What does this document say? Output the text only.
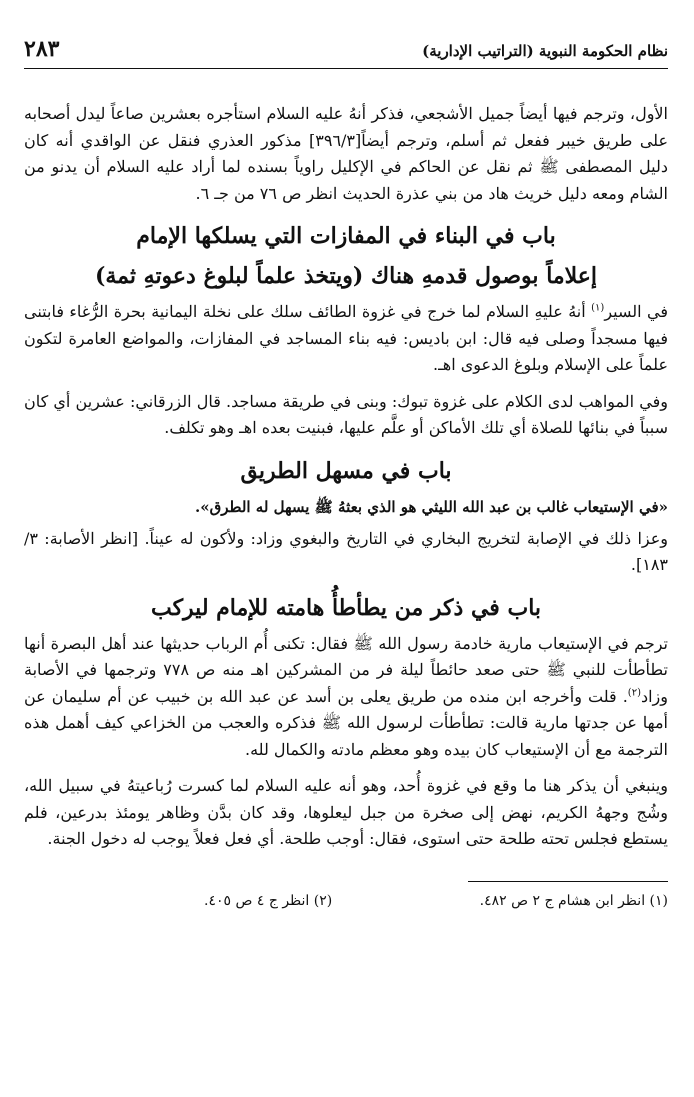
نظام الحكومة النبوية (التراتيب الإدارية)
٢٨٣

الأول، وترجم فيها أيضاً جميل الأشجعي، فذكر أنهُ عليه السلام استأجره بعشرين صاعاً ليدل أصحابه على طريق خيبر ففعل ثم أسلم، وترجم أيضاً[٣٩٦/٣] مذكور العذري فنقل عن الواقدي أنه كان دليل المصطفى ﷺ ثم نقل عن الحاكم في الإكليل راوياً بسنده لما أراد عليه السلام أن يدنو من الشام ومعه دليل خريث هاد من بني عذرة الحديث انظر ص ٧٦ من جـ ٦.

باب في البناء في المفازات التي يسلكها الإمام
إعلاماً بوصول قدمهِ هناك (ويتخذ علماً لبلوغ دعوتهِ ثمة)

في السير$^{(١)}$ أنهُ عليهِ السلام لما خرج في غزوة الطائف سلك على نخلة اليمانية بحرة الرُّغاء فابتنى فيها مسجداً وصلى فيه قال: ابن باديس: فيه بناء المساجد في المفازات، والمواضع العامرة لتكون علماً على الإسلام وبلوغ الدعوى اهـ.

وفي المواهب لدى الكلام على غزوة تبوك: وبنى في طريقة مساجد. قال الزرقاني: عشرين أي كان سبباً في بنائها للصلاة أي تلك الأماكن أو علَّم عليها، فبنيت بعده اهـ وهو تكلف.

باب في مسهل الطريق

«في الإستيعاب غالب بن عبد الله الليثي هو الذي بعثهُ ﷺ يسهل له الطرق».

وعزا ذلك في الإصابة لتخريج البخاري في التاريخ والبغوي وزاد: ولأكون له عيناً. [انظر الأصابة: ٣/ ١٨٣].

باب في ذكر من يطأطأُ هامته للإمام ليركب

ترجم في الإستيعاب مارية خادمة رسول الله ﷺ فقال: تكنى أُم الرباب حديثها عند أهل البصرة أنها تطأطأت للنبي ﷺ حتى صعد حائطاً ليلة فر من المشركين اهـ منه ص ٧٧٨ وترجمها في الأصابة وزاد$^{(٢)}$. قلت وأخرجه ابن منده من طريق يعلى بن أسد عن عبد الله بن خبيب عن أم سليمان عن أمها عن جدتها مارية قالت: تطأطأت لرسول الله ﷺ فذكره والعجب من الخزاعي كيف أهمل هذه الترجمة مع أن الإستيعاب كان بيده وهو معظم مادته والكمال لله.

وينبغي أن يذكر هنا ما وقع في غزوة أُحد، وهو أنه عليه السلام لما كسرت رُباعيتهُ في سبيل الله، وشُج وجههُ الكريم، نهض إلى صخرة من جبل ليعلوها، وقد كان بدَّن وظاهر يومئذ بدرعين، فلم يستطع فجلس تحته طلحة حتى استوى، فقال: أوجب طلحة. أي فعل فعلاً يوجب له دخول الجنة.

(١) انظر ابن هشام ج ٢ ص ٤٨٢.
(٢) انظر ج ٤ ص ٤٠٥.
